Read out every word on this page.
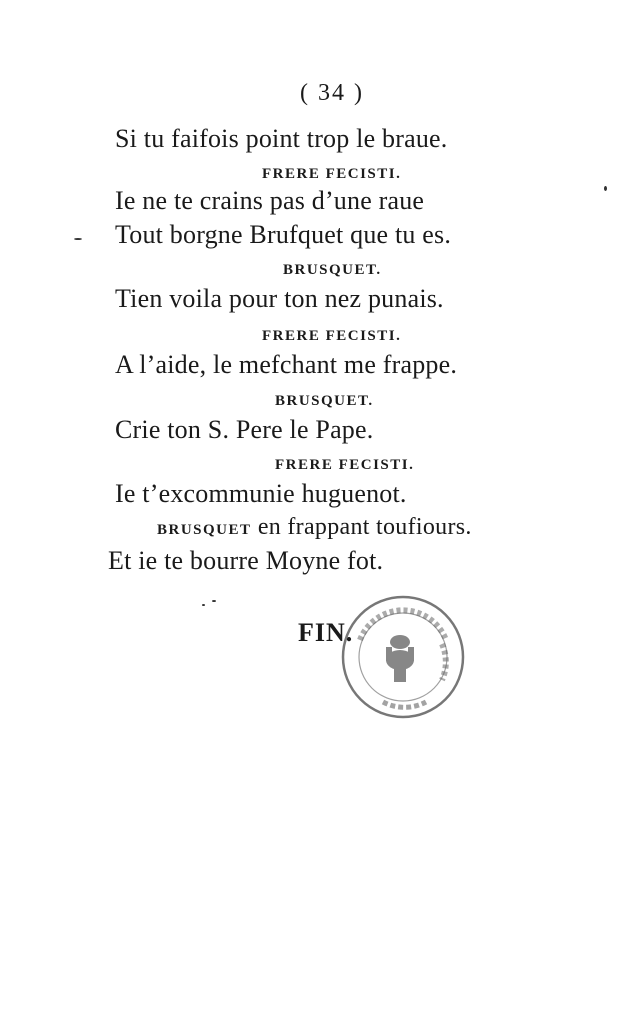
( 34 )
Si tu faifois point trop le braue.
FRERE FECISTI.
Ie ne te crains pas d’une raue
Tout borgne Brufquet que tu es.
BRUSQUET.
Tien voila pour ton nez punais.
FRERE FECISTI.
A l’aide, le mefchant me frappe.
BRUSQUET.
Crie ton S. Pere le Pape.
FRERE FECISTI.
Ie t’excommunie huguenot.
BRUSQUET en frappant toufiours.
Et ie te bourre Moyne fot.
FIN.
